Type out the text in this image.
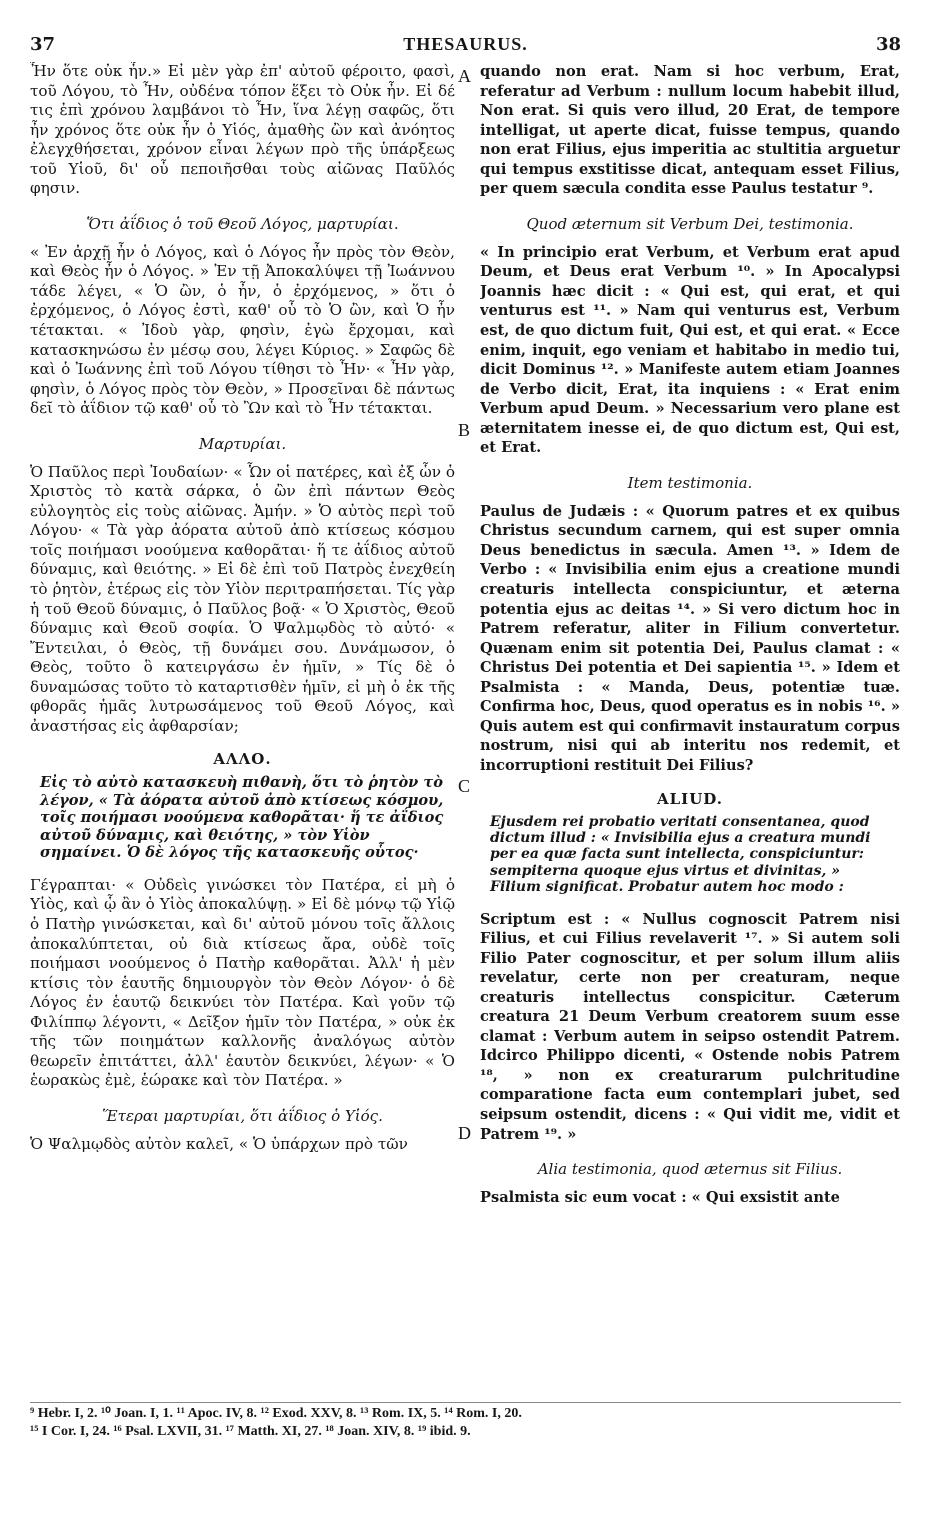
37	THESAURUS.	38

Ἦν ὅτε οὐκ ἦν.» Εἰ μὲν γὰρ ἐπ' αὐτοῦ φέροιτο, φασὶ, τοῦ Λόγου, τὸ Ἦν, οὐδένα τόπον ἕξει τὸ Οὐκ ἦν. Εἰ δέ τις ἐπὶ χρόνου λαμβάνοι τὸ Ἦν, ἵνα λέγῃ σαφῶς, ὅτι ἦν χρόνος ὅτε οὐκ ἦν ὁ Υἱός, ἀμαθὴς ὢν καὶ ἀνόητος ἐλεγχθήσεται, χρόνον εἶναι λέγων πρὸ τῆς ὑπάρξεως τοῦ Υἱοῦ, δι' οὗ πεποιῆσθαι τοὺς αἰῶνας Παῦλός φησιν.

Ὅτι ἀΐδιος ὁ τοῦ Θεοῦ Λόγος, μαρτυρίαι.

« Ἐν ἀρχῇ ἦν ὁ Λόγος, καὶ ὁ Λόγος ἦν πρὸς τὸν Θεὸν, καὶ Θεὸς ἦν ὁ Λόγος. » Ἐν τῇ Ἀποκαλύψει τῇ Ἰωάννου τάδε λέγει, « Ὁ ὢν, ὁ ἦν, ὁ ἐρχόμενος, » ὅτι ὁ ἐρχόμενος, ὁ Λόγος ἐστὶ, καθ' οὗ τὸ Ὁ ὢν, καὶ Ὁ ἦν τέτακται. « Ἰδοὺ γὰρ, φησὶν, ἐγὼ ἔρχομαι, καὶ κατασκηνώσω ἐν μέσῳ σου, λέγει Κύριος. » Σαφῶς δὲ καὶ ὁ Ἰωάννης ἐπὶ τοῦ Λόγου τίθησι τὸ Ἦν· « Ἦν γὰρ, φησὶν, ὁ Λόγος πρὸς τὸν Θεὸν, » Προσεῖναι δὲ πάντως δεῖ τὸ ἀΐδιον τῷ καθ' οὗ τὸ Ὢν καὶ τὸ Ἦν τέτακται.

Μαρτυρίαι.

Ὁ Παῦλος περὶ Ἰουδαίων· « Ὧν οἱ πατέρες, καὶ ἐξ ὧν ὁ Χριστὸς τὸ κατὰ σάρκα, ὁ ὢν ἐπὶ πάντων Θεὸς εὐλογητὸς εἰς τοὺς αἰῶνας. Ἀμήν. » Ὁ αὐτὸς περὶ τοῦ Λόγου· « Τὰ γὰρ ἀόρατα αὐτοῦ ἀπὸ κτίσεως κόσμου τοῖς ποιήμασι νοούμενα καθορᾶται· ἥ τε ἀΐδιος αὐτοῦ δύναμις, καὶ θειότης. » Εἰ δὲ ἐπὶ τοῦ Πατρὸς ἐνεχθείη τὸ ῥητὸν, ἑτέρως εἰς τὸν Υἱὸν περιτραπήσεται. Τίς γὰρ ἡ τοῦ Θεοῦ δύναμις, ὁ Παῦλος βοᾷ· « Ὁ Χριστὸς, Θεοῦ δύναμις καὶ Θεοῦ σοφία. Ὁ Ψαλμῳδὸς τὸ αὐτό· « Ἔντειλαι, ὁ Θεὸς, τῇ δυνάμει σου. Δυνάμωσον, ὁ Θεὸς, τοῦτο ὃ κατειργάσω ἐν ἡμῖν, » Τίς δὲ ὁ δυναμώσας τοῦτο τὸ καταρτισθὲν ἡμῖν, εἰ μὴ ὁ ἐκ τῆς φθορᾶς ἡμᾶς λυτρωσάμενος τοῦ Θεοῦ Λόγος, καὶ ἀναστήσας εἰς ἀφθαρσίαν;

ΑΛΛΟ.

Εἰς τὸ αὐτὸ κατασκευὴ πιθανὴ, ὅτι τὸ ῥητὸν τὸ λέγον, « Τὰ ἀόρατα αὐτοῦ ἀπὸ κτίσεως κόσμου, τοῖς ποιήμασι νοούμενα καθορᾶται· ἥ τε ἀΐδιος αὐτοῦ δύναμις, καὶ θειότης, » τὸν Υἱὸν σημαίνει. Ὁ δὲ λόγος τῆς κατασκευῆς οὗτος·

Γέγραπται· « Οὐδεὶς γινώσκει τὸν Πατέρα, εἰ μὴ ὁ Υἱὸς, καὶ ᾧ ἂν ὁ Υἱὸς ἀποκαλύψῃ. » Εἰ δὲ μόνῳ τῷ Υἱῷ ὁ Πατὴρ γινώσκεται, καὶ δι' αὐτοῦ μόνου τοῖς ἄλλοις ἀποκαλύπτεται, οὐ διὰ κτίσεως ἄρα, οὐδὲ τοῖς ποιήμασι νοούμενος ὁ Πατὴρ καθορᾶται. Ἀλλ' ἡ μὲν κτίσις τὸν ἑαυτῆς δημιουργὸν τὸν Θεὸν Λόγον· ὁ δὲ Λόγος ἐν ἑαυτῷ δεικνύει τὸν Πατέρα. Καὶ γοῦν τῷ Φιλίππῳ λέγοντι, « Δεῖξον ἡμῖν τὸν Πατέρα, » οὐκ ἐκ τῆς τῶν ποιημάτων καλλονῆς ἀναλόγως αὐτὸν θεωρεῖν ἐπιτάττει, ἀλλ' ἑαυτὸν δεικνύει, λέγων· « Ὁ ἑωρακὼς ἐμὲ, ἑώρακε καὶ τὸν Πατέρα. »

Ἕτεραι μαρτυρίαι, ὅτι ἀΐδιος ὁ Υἱός.

Ὁ Ψαλμῳδὸς αὐτὸν καλεῖ, « Ὁ ὑπάρχων πρὸ τῶν

quando non erat. Nam si hoc verbum, Erat, referatur ad Verbum : nullum locum habebit illud, Non erat. Si quis vero illud, 20 Erat, de tempore intelligat, ut aperte dicat, fuisse tempus, quando non erat Filius, ejus imperitia ac stultitia arguetur qui tempus exstitisse dicat, antequam esset Filius, per quem sæcula condita esse Paulus testatur ⁹.

Quod æternum sit Verbum Dei, testimonia.

« In principio erat Verbum, et Verbum erat apud Deum, et Deus erat Verbum ¹⁰. » In Apocalypsi Joannis hæc dicit : « Qui est, qui erat, et qui venturus est ¹¹. » Nam qui venturus est, Verbum est, de quo dictum fuit, Qui est, et qui erat. « Ecce enim, inquit, ego veniam et habitabo in medio tui, dicit Dominus ¹². » Manifeste autem etiam Joannes de Verbo dicit, Erat, ita inquiens : « Erat enim Verbum apud Deum. » Necessarium vero plane est æternitatem inesse ei, de quo dictum est, Qui est, et Erat.

Item testimonia.

Paulus de Judæis : « Quorum patres et ex quibus Christus secundum carnem, qui est super omnia Deus benedictus in sæcula. Amen ¹³. » Idem de Verbo : « Invisibilia enim ejus a creatione mundi creaturis intellecta conspiciuntur, et æterna potentia ejus ac deitas ¹⁴. » Si vero dictum hoc in Patrem referatur, aliter in Filium convertetur. Quænam enim sit potentia Dei, Paulus clamat : « Christus Dei potentia et Dei sapientia ¹⁵. » Idem et Psalmista : « Manda, Deus, potentiæ tuæ. Confirma hoc, Deus, quod operatus es in nobis ¹⁶. » Quis autem est qui confirmavit instauratum corpus nostrum, nisi qui ab interitu nos redemit, et incorruptioni restituit Dei Filius?

ALIUD.

Ejusdem rei probatio veritati consentanea, quod dictum illud : « Invisibilia ejus a creatura mundi per ea quæ facta sunt intellecta, conspiciuntur: sempiterna quoque ejus virtus et divinitas, » Filium significat. Probatur autem hoc modo :

Scriptum est : « Nullus cognoscit Patrem nisi Filius, et cui Filius revelaverit ¹⁷. » Si autem soli Filio Pater cognoscitur, et per solum illum aliis revelatur, certe non per creaturam, neque creaturis intellectus conspicitur. Cæterum creatura 21 Deum Verbum creatorem suum esse clamat : Verbum autem in seipso ostendit Patrem. Idcirco Philippo dicenti, « Ostende nobis Patrem ¹⁸, » non ex creaturarum pulchritudine comparatione facta eum contemplari jubet, sed seipsum ostendit, dicens : « Qui vidit me, vidit et Patrem ¹⁹. »

Alia testimonia, quod æternus sit Filius.

Psalmista sic eum vocat : « Qui exsistit ante

A
B
C
D
⁹ Hebr. I, 2. ¹⁰ Joan. I, 1. ¹¹ Apoc. IV, 8. ¹² Exod. XXV, 8. ¹³ Rom. IX, 5. ¹⁴ Rom. I, 20.
¹⁵ I Cor. I, 24. ¹⁶ Psal. LXVII, 31. ¹⁷ Matth. XI, 27. ¹⁸ Joan. XIV, 8. ¹⁹ ibid. 9.
